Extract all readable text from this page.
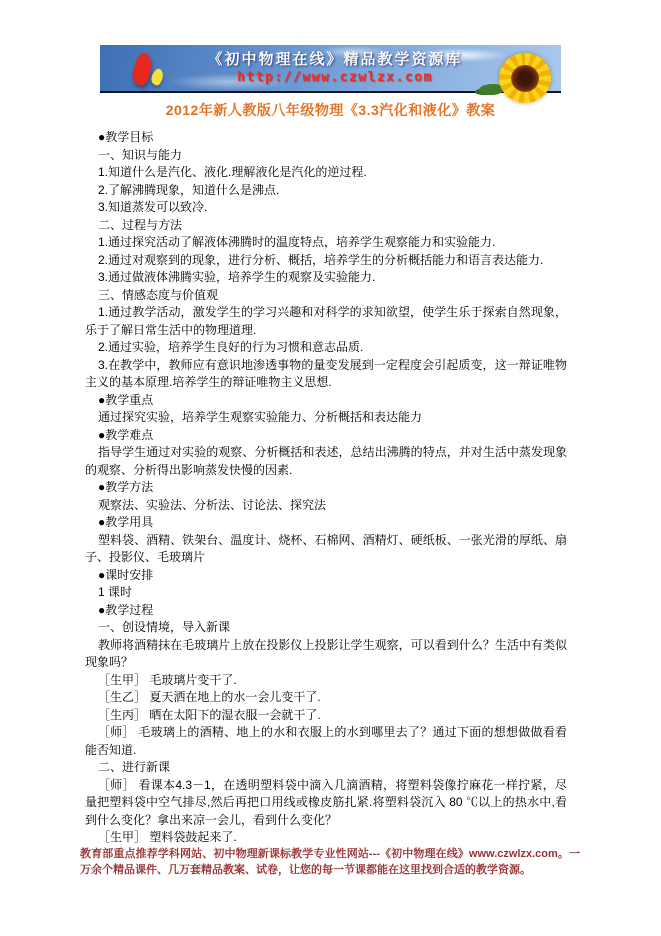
《初中物理在线》精品教学资源库
http://www.czwlzx.com
2012年新人教版八年级物理《3.3汽化和液化》教案

●教学目标

一、知识与能力

1.知道什么是汽化、液化.理解液化是汽化的逆过程.

2.了解沸腾现象，知道什么是沸点.

3.知道蒸发可以致冷.

二、过程与方法

1.通过探究活动了解液体沸腾时的温度特点，培养学生观察能力和实验能力.

2.通过对观察到的现象，进行分析、概括，培养学生的分析概括能力和语言表达能力.

3.通过做液体沸腾实验，培养学生的观察及实验能力.

三、情感态度与价值观

1.通过教学活动，激发学生的学习兴趣和对科学的求知欲望，使学生乐于探索自然现象，乐于了解日常生活中的物理道理.

2.通过实验，培养学生良好的行为习惯和意志品质.

3.在教学中，教师应有意识地渗透事物的量变发展到一定程度会引起质变，这一辩证唯物主义的基本原理.培养学生的辩证唯物主义思想.

●教学重点

通过探究实验，培养学生观察实验能力、分析概括和表达能力

●教学难点

指导学生通过对实验的观察、分析概括和表述，总结出沸腾的特点，并对生活中蒸发现象的观察、分析得出影响蒸发快慢的因素.

●教学方法

观察法、实验法、分析法、讨论法、探究法

●教学用具

塑料袋、酒精、铁架台、温度计、烧杯、石棉网、酒精灯、硬纸板、一张光滑的厚纸、扇子、投影仪、毛玻璃片

●课时安排

1 课时

●教学过程

一、创设情境，导入新课

教师将酒精抹在毛玻璃片上放在投影仪上投影让学生观察，可以看到什么？生活中有类似现象吗？

［生甲］ 毛玻璃片变干了.

［生乙］ 夏天洒在地上的水一会儿变干了.

［生丙］ 晒在太阳下的湿衣服一会就干了.

［师］ 毛玻璃上的酒精、地上的水和衣服上的水到哪里去了？通过下面的想想做做看看能否知道.

二、进行新课

［师］ 看课本4.3－1，在透明塑料袋中滴入几滴酒精，将塑料袋像拧麻花一样拧紧，尽量把塑料袋中空气排尽,然后再把口用线或橡皮筋扎紧.将塑料袋沉入 80 ℃以上的热水中,看到什么变化？拿出来凉一会儿，看到什么变化？

［生甲］ 塑料袋鼓起来了.

教育部重点推荐学科网站、初中物理新课标教学专业性网站---《初中物理在线》www.czwlzx.com。一万余个精品课件、几万套精品教案、试卷，让您的每一节课都能在这里找到合适的教学资源。
